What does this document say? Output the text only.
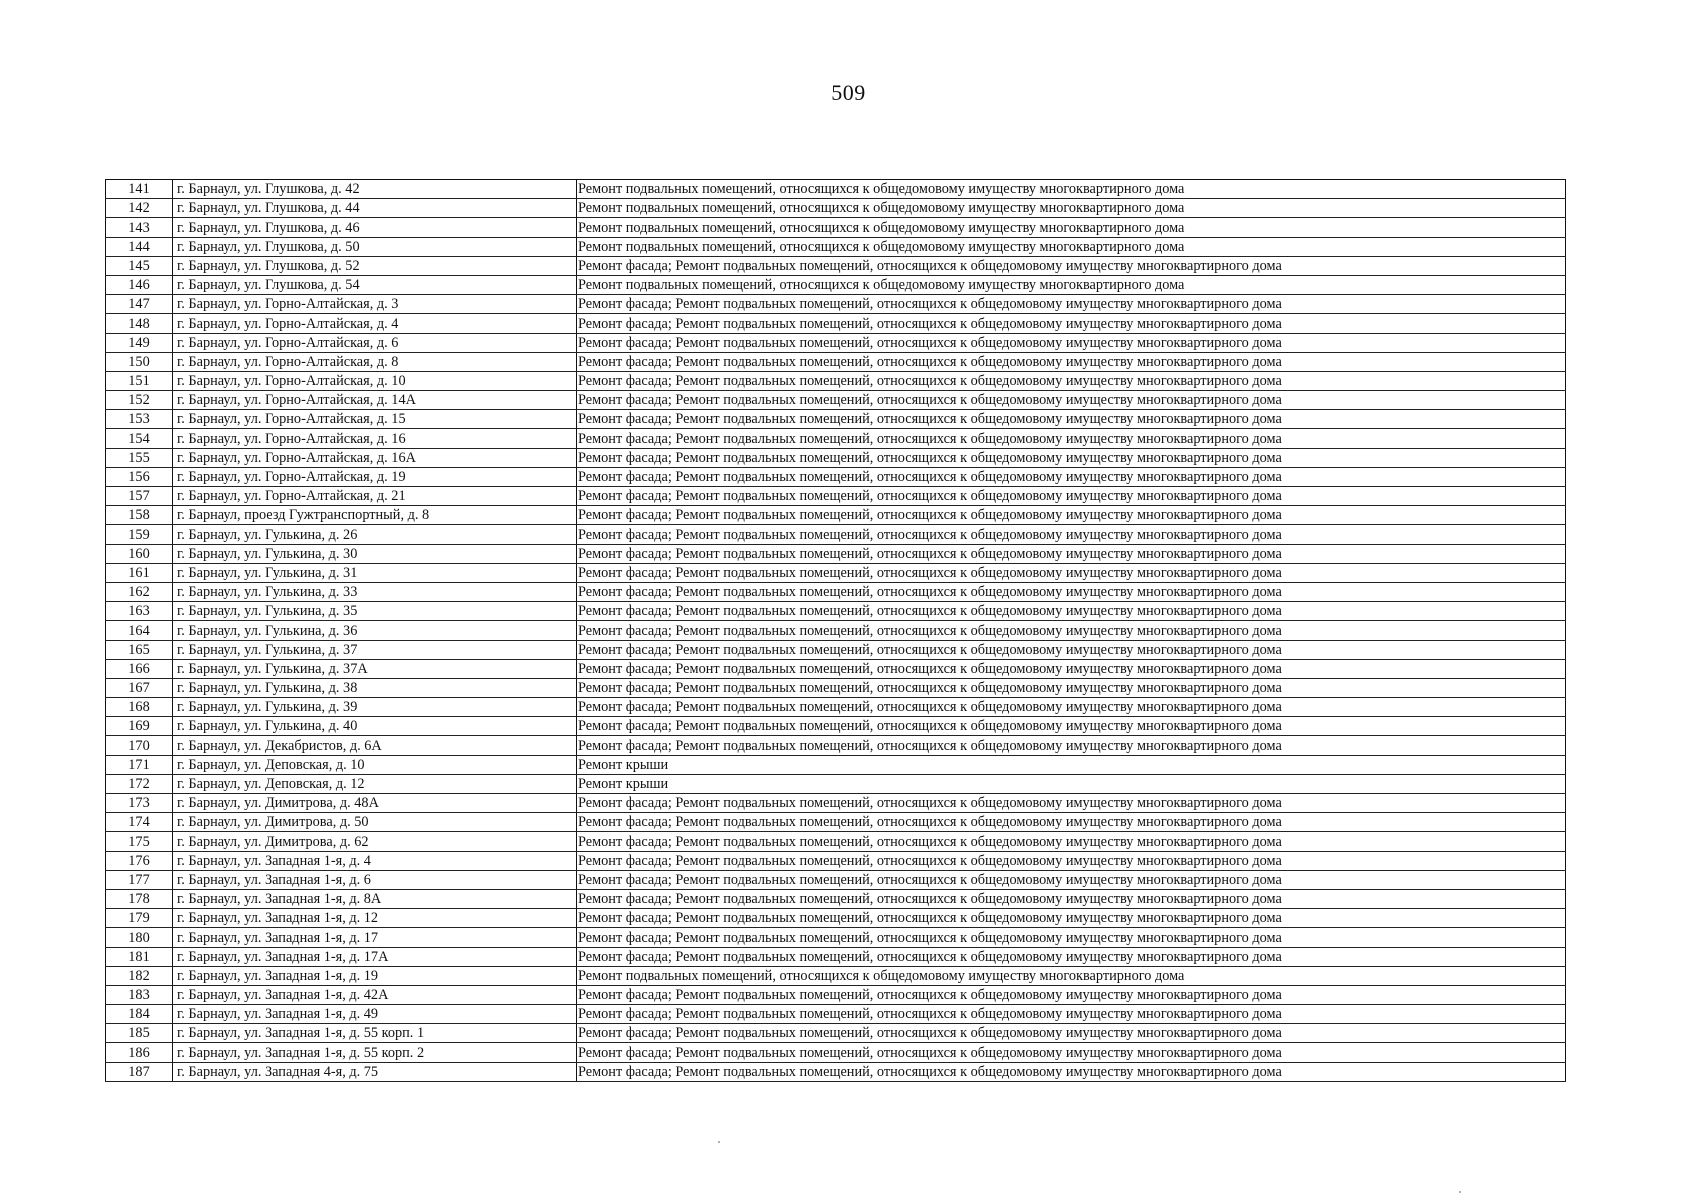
509
141	г. Барнаул, ул. Глушкова, д. 42	Ремонт подвальных помещений, относящихся к общедомовому имуществу многоквартирного дома
142	г. Барнаул, ул. Глушкова, д. 44	Ремонт подвальных помещений, относящихся к общедомовому имуществу многоквартирного дома
143	г. Барнаул, ул. Глушкова, д. 46	Ремонт подвальных помещений, относящихся к общедомовому имуществу многоквартирного дома
144	г. Барнаул, ул. Глушкова, д. 50	Ремонт подвальных помещений, относящихся к общедомовому имуществу многоквартирного дома
145	г. Барнаул, ул. Глушкова, д. 52	Ремонт фасада; Ремонт подвальных помещений, относящихся к общедомовому имуществу многоквартирного дома
146	г. Барнаул, ул. Глушкова, д. 54	Ремонт подвальных помещений, относящихся к общедомовому имуществу многоквартирного дома
147	г. Барнаул, ул. Горно-Алтайская, д. 3	Ремонт фасада; Ремонт подвальных помещений, относящихся к общедомовому имуществу многоквартирного дома
148	г. Барнаул, ул. Горно-Алтайская, д. 4	Ремонт фасада; Ремонт подвальных помещений, относящихся к общедомовому имуществу многоквартирного дома
149	г. Барнаул, ул. Горно-Алтайская, д. 6	Ремонт фасада; Ремонт подвальных помещений, относящихся к общедомовому имуществу многоквартирного дома
150	г. Барнаул, ул. Горно-Алтайская, д. 8	Ремонт фасада; Ремонт подвальных помещений, относящихся к общедомовому имуществу многоквартирного дома
151	г. Барнаул, ул. Горно-Алтайская, д. 10	Ремонт фасада; Ремонт подвальных помещений, относящихся к общедомовому имуществу многоквартирного дома
152	г. Барнаул, ул. Горно-Алтайская, д. 14А	Ремонт фасада; Ремонт подвальных помещений, относящихся к общедомовому имуществу многоквартирного дома
153	г. Барнаул, ул. Горно-Алтайская, д. 15	Ремонт фасада; Ремонт подвальных помещений, относящихся к общедомовому имуществу многоквартирного дома
154	г. Барнаул, ул. Горно-Алтайская, д. 16	Ремонт фасада; Ремонт подвальных помещений, относящихся к общедомовому имуществу многоквартирного дома
155	г. Барнаул, ул. Горно-Алтайская, д. 16А	Ремонт фасада; Ремонт подвальных помещений, относящихся к общедомовому имуществу многоквартирного дома
156	г. Барнаул, ул. Горно-Алтайская, д. 19	Ремонт фасада; Ремонт подвальных помещений, относящихся к общедомовому имуществу многоквартирного дома
157	г. Барнаул, ул. Горно-Алтайская, д. 21	Ремонт фасада; Ремонт подвальных помещений, относящихся к общедомовому имуществу многоквартирного дома
158	г. Барнаул, проезд Гужтранспортный, д. 8	Ремонт фасада; Ремонт подвальных помещений, относящихся к общедомовому имуществу многоквартирного дома
159	г. Барнаул, ул. Гулькина, д. 26	Ремонт фасада; Ремонт подвальных помещений, относящихся к общедомовому имуществу многоквартирного дома
160	г. Барнаул, ул. Гулькина, д. 30	Ремонт фасада; Ремонт подвальных помещений, относящихся к общедомовому имуществу многоквартирного дома
161	г. Барнаул, ул. Гулькина, д. 31	Ремонт фасада; Ремонт подвальных помещений, относящихся к общедомовому имуществу многоквартирного дома
162	г. Барнаул, ул. Гулькина, д. 33	Ремонт фасада; Ремонт подвальных помещений, относящихся к общедомовому имуществу многоквартирного дома
163	г. Барнаул, ул. Гулькина, д. 35	Ремонт фасада; Ремонт подвальных помещений, относящихся к общедомовому имуществу многоквартирного дома
164	г. Барнаул, ул. Гулькина, д. 36	Ремонт фасада; Ремонт подвальных помещений, относящихся к общедомовому имуществу многоквартирного дома
165	г. Барнаул, ул. Гулькина, д. 37	Ремонт фасада; Ремонт подвальных помещений, относящихся к общедомовому имуществу многоквартирного дома
166	г. Барнаул, ул. Гулькина, д. 37А	Ремонт фасада; Ремонт подвальных помещений, относящихся к общедомовому имуществу многоквартирного дома
167	г. Барнаул, ул. Гулькина, д. 38	Ремонт фасада; Ремонт подвальных помещений, относящихся к общедомовому имуществу многоквартирного дома
168	г. Барнаул, ул. Гулькина, д. 39	Ремонт фасада; Ремонт подвальных помещений, относящихся к общедомовому имуществу многоквартирного дома
169	г. Барнаул, ул. Гулькина, д. 40	Ремонт фасада; Ремонт подвальных помещений, относящихся к общедомовому имуществу многоквартирного дома
170	г. Барнаул, ул. Декабристов, д. 6А	Ремонт фасада; Ремонт подвальных помещений, относящихся к общедомовому имуществу многоквартирного дома
171	г. Барнаул, ул. Деповская, д. 10	Ремонт крыши
172	г. Барнаул, ул. Деповская, д. 12	Ремонт крыши
173	г. Барнаул, ул. Димитрова, д. 48А	Ремонт фасада; Ремонт подвальных помещений, относящихся к общедомовому имуществу многоквартирного дома
174	г. Барнаул, ул. Димитрова, д. 50	Ремонт фасада; Ремонт подвальных помещений, относящихся к общедомовому имуществу многоквартирного дома
175	г. Барнаул, ул. Димитрова, д. 62	Ремонт фасада; Ремонт подвальных помещений, относящихся к общедомовому имуществу многоквартирного дома
176	г. Барнаул, ул. Западная 1-я, д. 4	Ремонт фасада; Ремонт подвальных помещений, относящихся к общедомовому имуществу многоквартирного дома
177	г. Барнаул, ул. Западная 1-я, д. 6	Ремонт фасада; Ремонт подвальных помещений, относящихся к общедомовому имуществу многоквартирного дома
178	г. Барнаул, ул. Западная 1-я, д. 8А	Ремонт фасада; Ремонт подвальных помещений, относящихся к общедомовому имуществу многоквартирного дома
179	г. Барнаул, ул. Западная 1-я, д. 12	Ремонт фасада; Ремонт подвальных помещений, относящихся к общедомовому имуществу многоквартирного дома
180	г. Барнаул, ул. Западная 1-я, д. 17	Ремонт фасада; Ремонт подвальных помещений, относящихся к общедомовому имуществу многоквартирного дома
181	г. Барнаул, ул. Западная 1-я, д. 17А	Ремонт фасада; Ремонт подвальных помещений, относящихся к общедомовому имуществу многоквартирного дома
182	г. Барнаул, ул. Западная 1-я, д. 19	Ремонт подвальных помещений, относящихся к общедомовому имуществу многоквартирного дома
183	г. Барнаул, ул. Западная 1-я, д. 42А	Ремонт фасада; Ремонт подвальных помещений, относящихся к общедомовому имуществу многоквартирного дома
184	г. Барнаул, ул. Западная 1-я, д. 49	Ремонт фасада; Ремонт подвальных помещений, относящихся к общедомовому имуществу многоквартирного дома
185	г. Барнаул, ул. Западная 1-я, д. 55 корп. 1	Ремонт фасада; Ремонт подвальных помещений, относящихся к общедомовому имуществу многоквартирного дома
186	г. Барнаул, ул. Западная 1-я, д. 55 корп. 2	Ремонт фасада; Ремонт подвальных помещений, относящихся к общедомовому имуществу многоквартирного дома
187	г. Барнаул, ул. Западная 4-я, д. 75	Ремонт фасада; Ремонт подвальных помещений, относящихся к общедомовому имуществу многоквартирного дома
